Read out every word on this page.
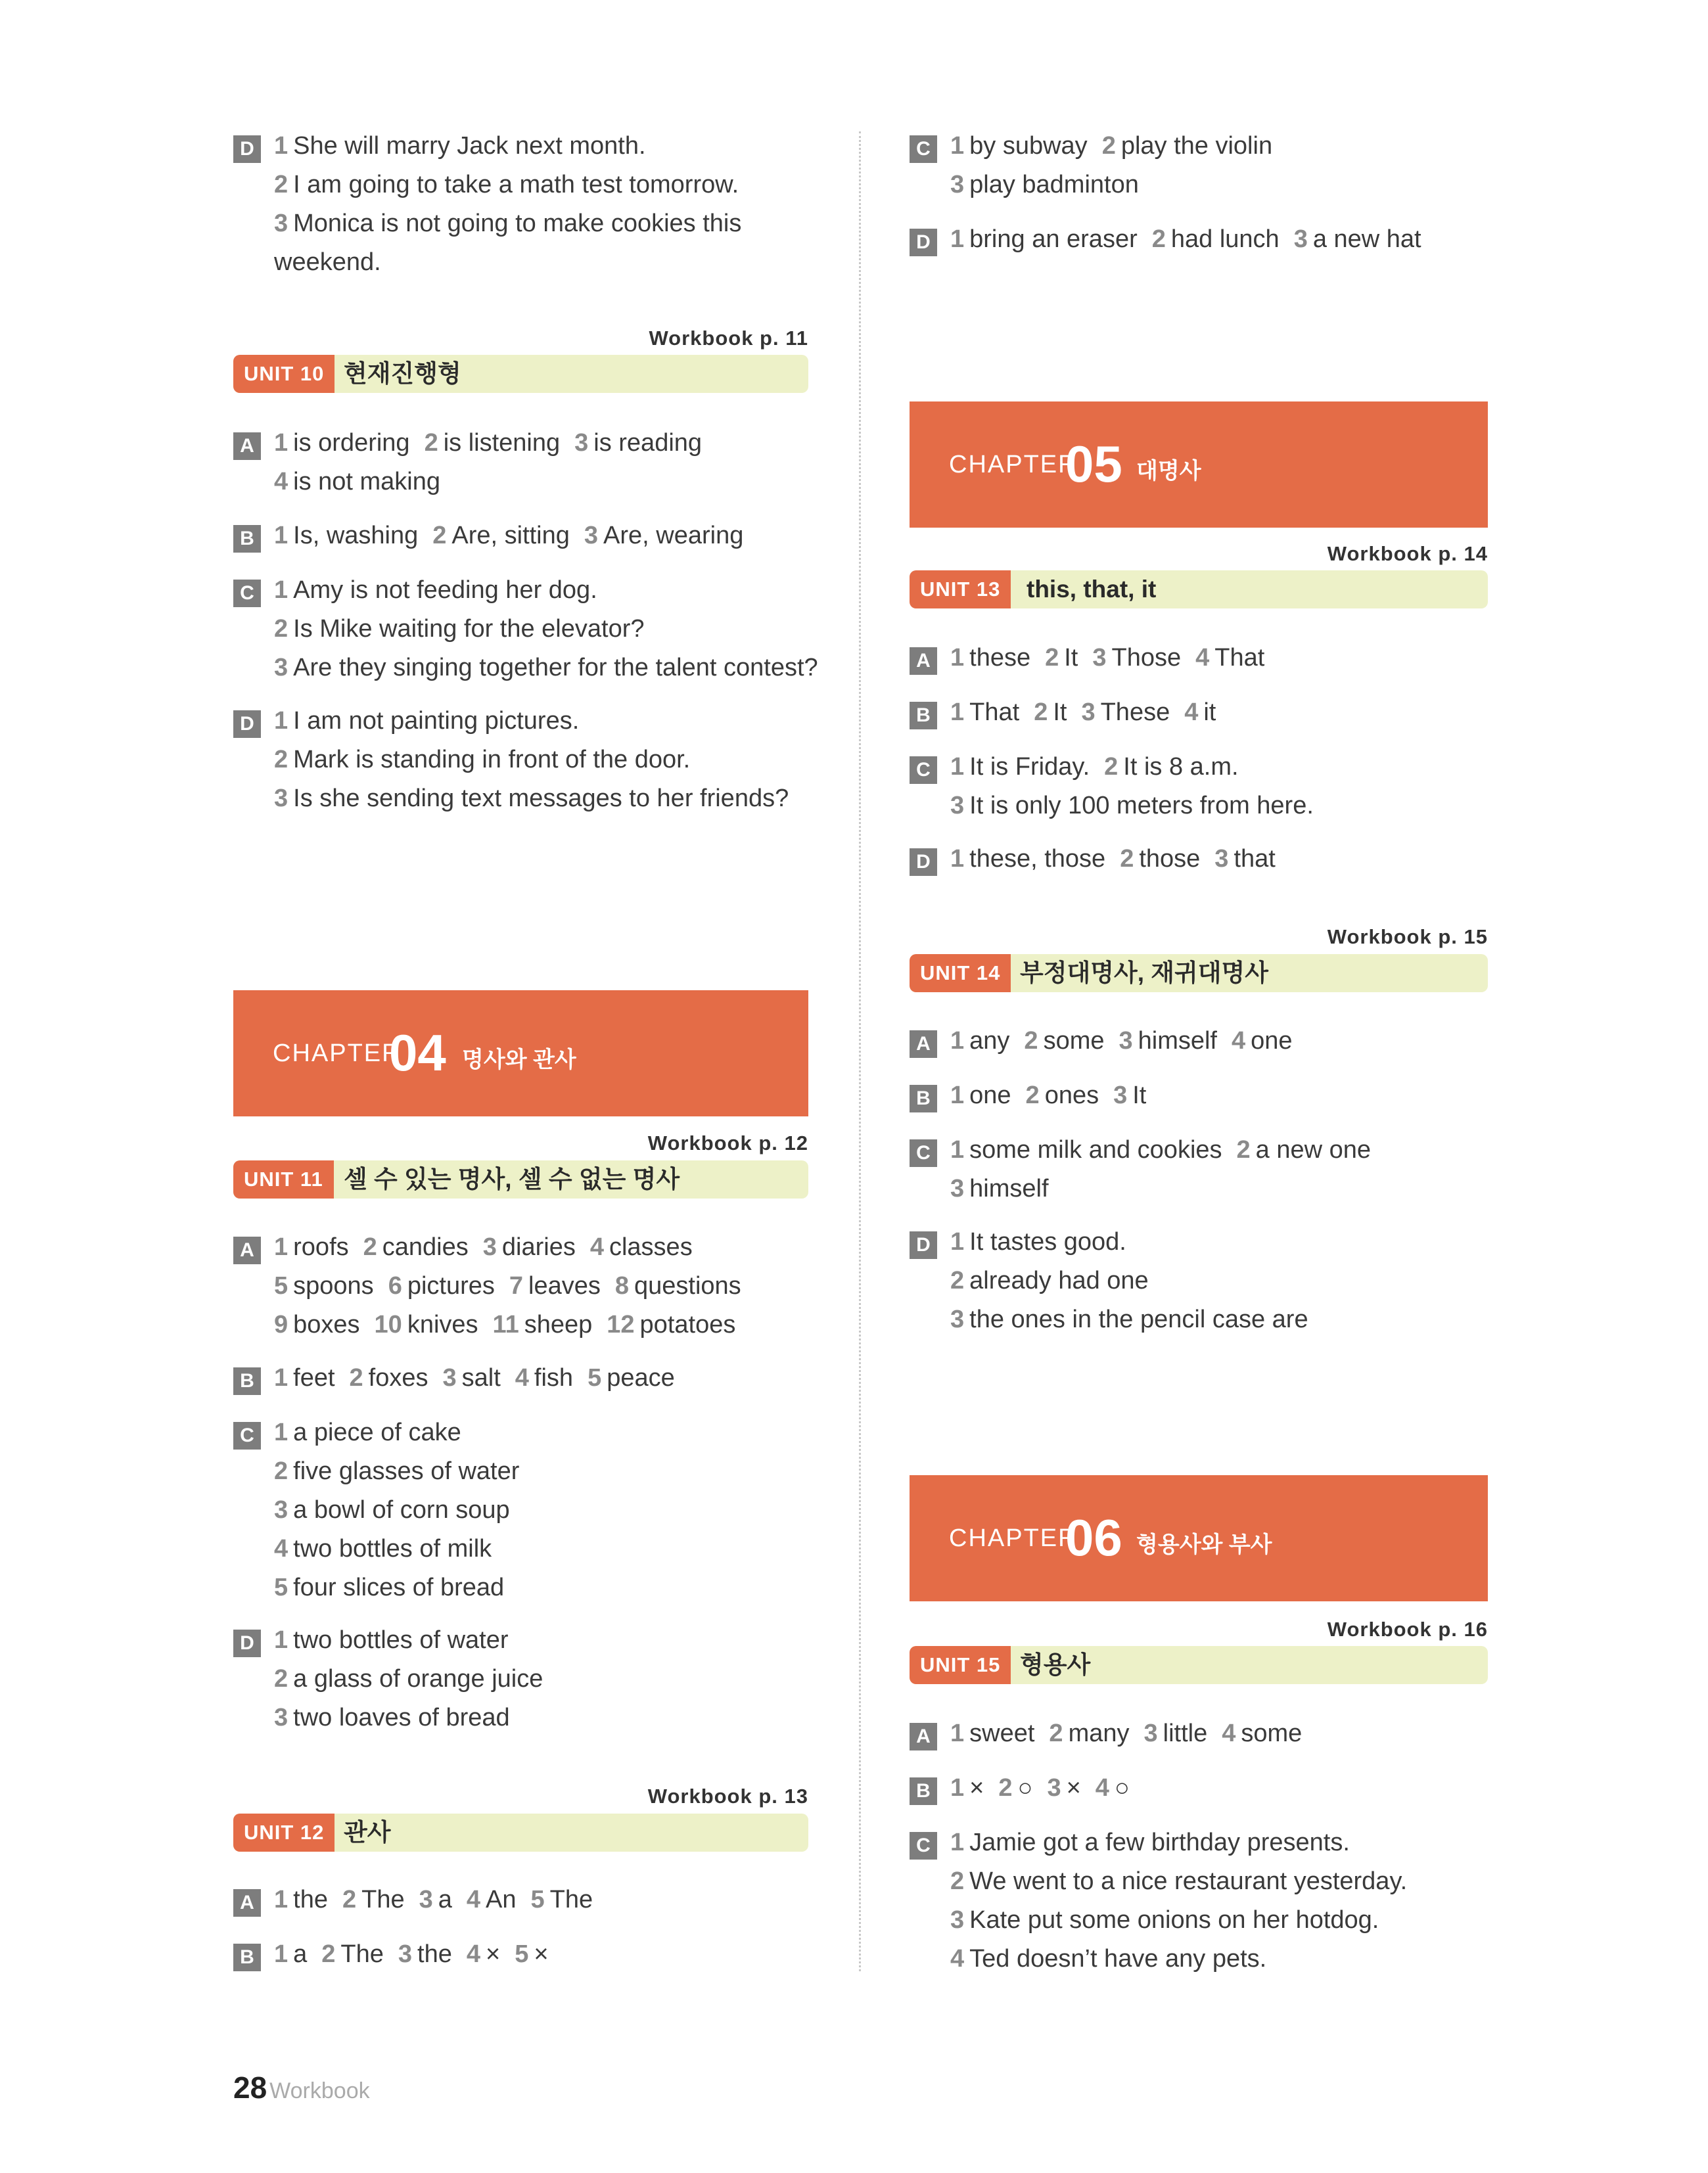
D 1 She will marry Jack next month.
2 I am going to take a math test tomorrow.
3 Monica is not going to make cookies this
weekend.
Workbook p. 11
UNIT 10 현재진행형
A 1 is ordering 2 is listening 3 is reading
4 is not making
B 1 Is, washing 2 Are, sitting 3 Are, wearing
C 1 Amy is not feeding her dog.
2 Is Mike waiting for the elevator?
3 Are they singing together for the talent contest?
D 1 I am not painting pictures.
2 Mark is standing in front of the door.
3 Is she sending text messages to her friends?
CHAPTER
04 명사와 관사
Workbook p. 12
UNIT 11 셀 수 있는 명사, 셀 수 없는 명사
A 1 roofs 2 candies 3 diaries 4 classes
5 spoons 6 pictures 7 leaves 8 questions
9 boxes 10 knives 11 sheep 12 potatoes
B 1 feet 2 foxes 3 salt 4 fish 5 peace
C 1 a piece of cake
2 five glasses of water
3 a bowl of corn soup
4 two bottles of milk
5 four slices of bread
D 1 two bottles of water
2 a glass of orange juice
3 two loaves of bread
Workbook p. 13
UNIT 12 관사
A 1 the 2 The 3 a 4 An 5 The
B 1 a 2 The 3 the 4 × 5 ×
C 1 by subway 2 play the violin
3 play badminton
D 1 bring an eraser 2 had lunch 3 a new hat
CHAPTER
05 대명사
Workbook p. 14
UNIT 13	this, that, it
A 1 these 2 It 3 Those 4 That
B 1 That 2 It 3 These 4 it
C 1 It is Friday. 2 It is 8 a.m.
3 It is only 100 meters from here.
D 1 these, those 2 those 3 that
Workbook p. 15
UNIT 14 부정대명사, 재귀대명사
A 1 any 2 some 3 himself 4 one
B 1 one 2 ones 3 It
C 1 some milk and cookies 2 a new one
3 himself
D 1 It tastes good.
2 already had one
3 the ones in the pencil case are
CHAPTER
06 형용사와 부사
Workbook p. 16
UNIT 15 형용사
A 1 sweet 2 many 3 little 4 some
B 1 × 2 ○ 3 × 4 ○
C 1 Jamie got a few birthday presents.
2 We went to a nice restaurant yesterday.
3 Kate put some onions on her hotdog.
4 Ted doesn’t have any pets.
28 Workbook
